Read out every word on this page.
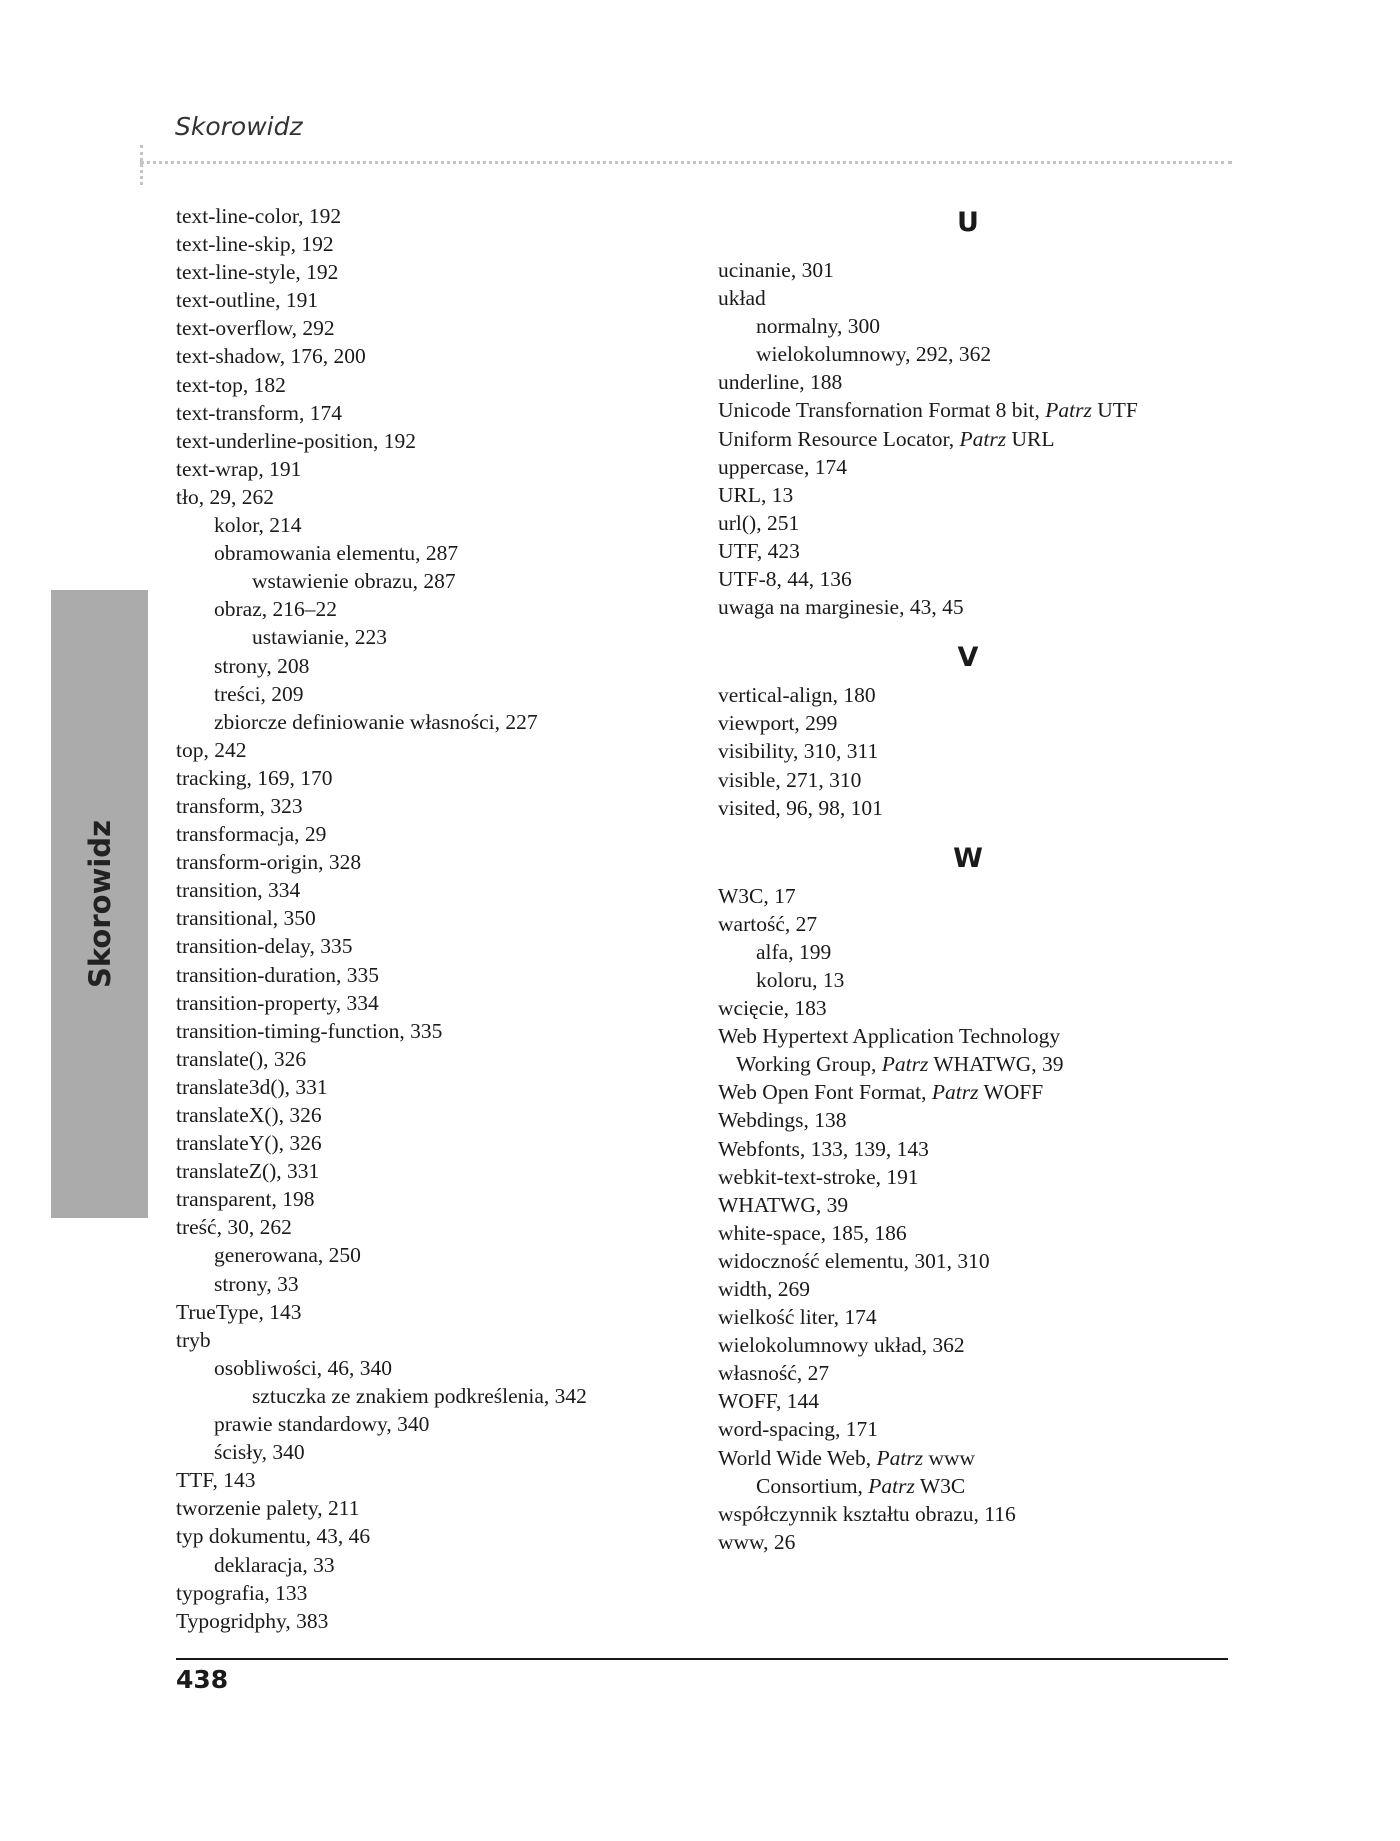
Skorowidz
Skorowidz
text-line-color, 192
text-line-skip, 192
text-line-style, 192
text-outline, 191
text-overflow, 292
text-shadow, 176, 200
text-top, 182
text-transform, 174
text-underline-position, 192
text-wrap, 191
tło, 29, 262
kolor, 214
obramowania elementu, 287
wstawienie obrazu, 287
obraz, 216–22
ustawianie, 223
strony, 208
treści, 209
zbiorcze definiowanie własności, 227
top, 242
tracking, 169, 170
transform, 323
transformacja, 29
transform-origin, 328
transition, 334
transitional, 350
transition-delay, 335
transition-duration, 335
transition-property, 334
transition-timing-function, 335
translate(), 326
translate3d(), 331
translateX(), 326
translateY(), 326
translateZ(), 331
transparent, 198
treść, 30, 262
generowana, 250
strony, 33
TrueType, 143
tryb
osobliwości, 46, 340
sztuczka ze znakiem podkreślenia, 342
prawie standardowy, 340
ścisły, 340
TTF, 143
tworzenie palety, 211
typ dokumentu, 43, 46
deklaracja, 33
typografia, 133
Typogridphy, 383
U
ucinanie, 301
układ
normalny, 300
wielokolumnowy, 292, 362
underline, 188
Unicode Transfornation Format 8 bit, Patrz UTF
Uniform Resource Locator, Patrz URL
uppercase, 174
URL, 13
url(), 251
UTF, 423
UTF-8, 44, 136
uwaga na marginesie, 43, 45
V
vertical-align, 180
viewport, 299
visibility, 310, 311
visible, 271, 310
visited, 96, 98, 101
W
W3C, 17
wartość, 27
alfa, 199
koloru, 13
wcięcie, 183
Web Hypertext Application Technology
Working Group, Patrz WHATWG, 39
Web Open Font Format, Patrz WOFF
Webdings, 138
Webfonts, 133, 139, 143
webkit-text-stroke, 191
WHATWG, 39
white-space, 185, 186
widoczność elementu, 301, 310
width, 269
wielkość liter, 174
wielokolumnowy układ, 362
własność, 27
WOFF, 144
word-spacing, 171
World Wide Web, Patrz www
Consortium, Patrz W3C
współczynnik kształtu obrazu, 116
www, 26
438
